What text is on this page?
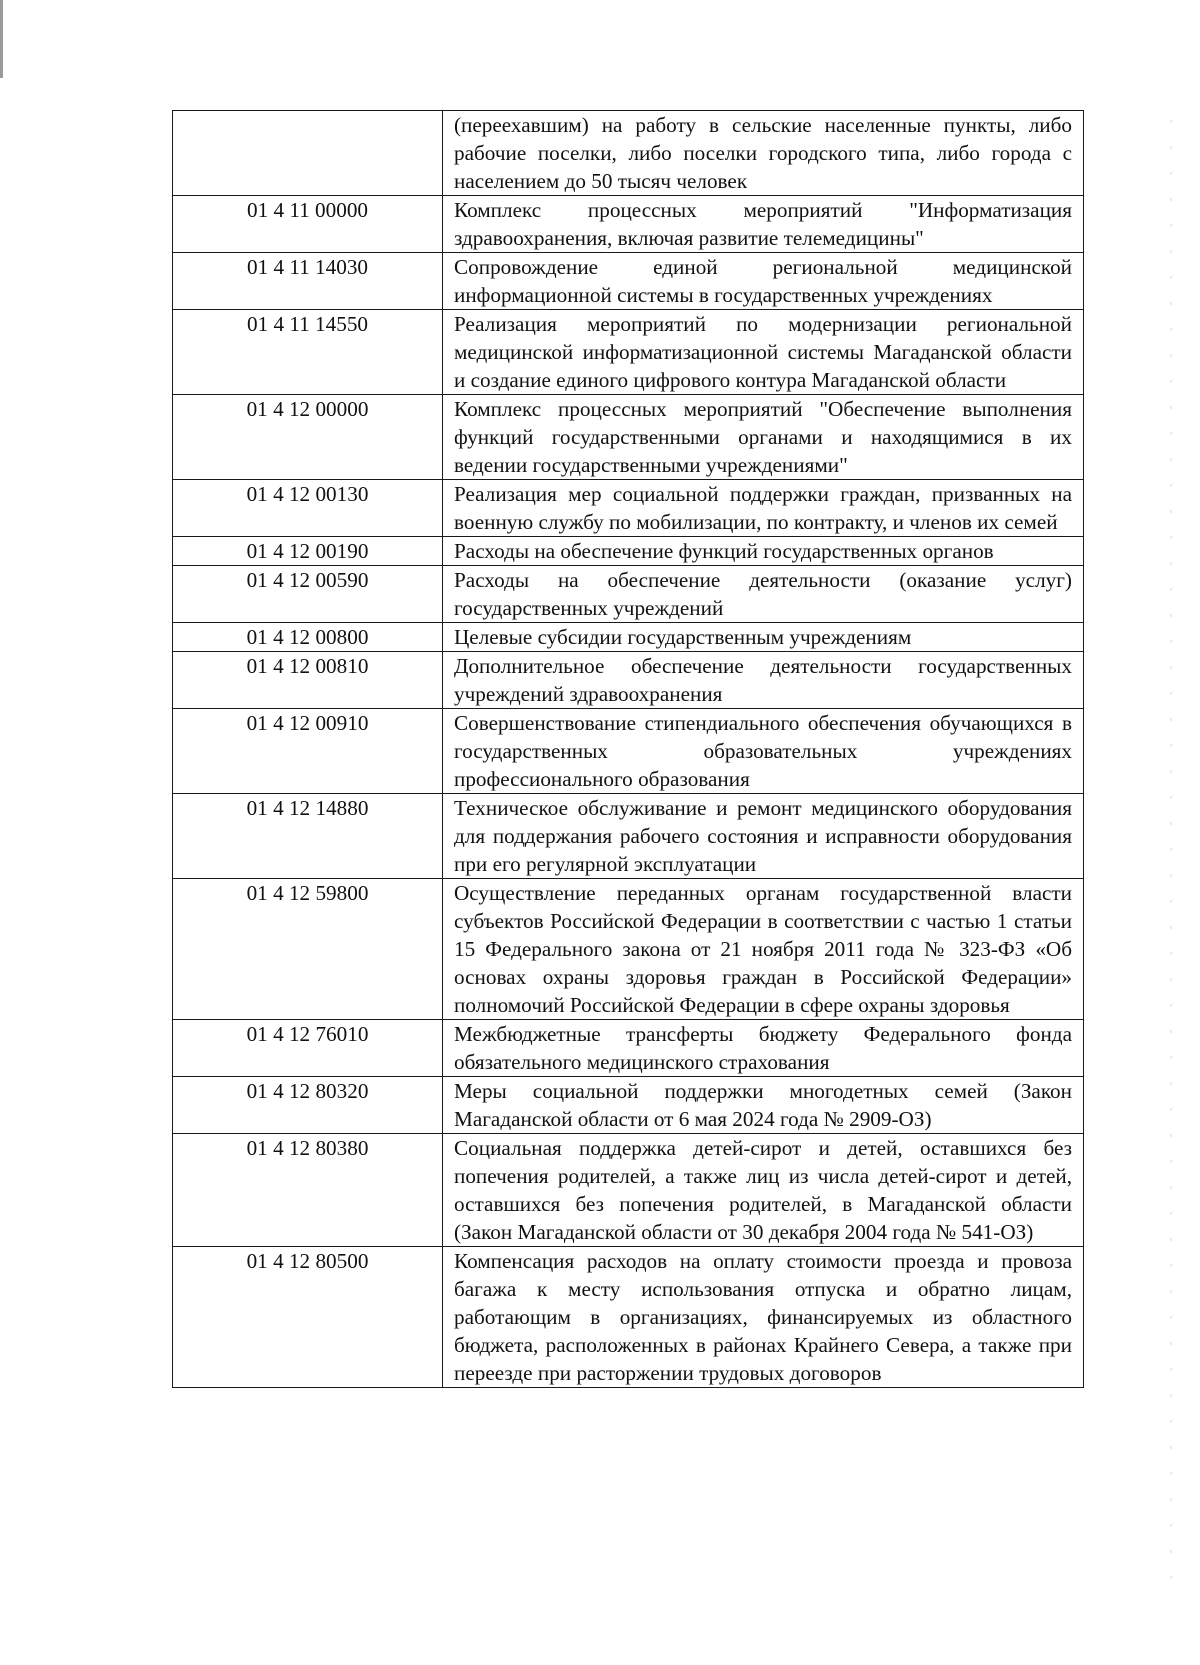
	(переехавшим) на работу в сельские населенные пункты, либо рабочие поселки, либо поселки городского типа, либо города с населением до 50 тысяч человек
01 4 11 00000	Комплекс процессных мероприятий "Информатизация здравоохранения, включая развитие телемедицины"
01 4 11 14030	Сопровождение единой региональной медицинской информационной системы в государственных учреждениях
01 4 11 14550	Реализация мероприятий по модернизации региональной медицинской информатизационной системы Магаданской области и создание единого цифрового контура Магаданской области
01 4 12 00000	Комплекс процессных мероприятий "Обеспечение выполнения функций государственными органами и находящимися в их ведении государственными учреждениями"
01 4 12 00130	Реализация мер социальной поддержки граждан, призванных на военную службу по мобилизации, по контракту, и членов их семей
01 4 12 00190	Расходы на обеспечение функций государственных органов
01 4 12 00590	Расходы на обеспечение деятельности (оказание услуг) государственных учреждений
01 4 12 00800	Целевые субсидии государственным учреждениям
01 4 12 00810	Дополнительное обеспечение деятельности государственных учреждений здравоохранения
01 4 12 00910	Совершенствование стипендиального обеспечения обучающихся в государственных образовательных учреждениях профессионального образования
01 4 12 14880	Техническое обслуживание и ремонт медицинского оборудования для поддержания рабочего состояния и исправности оборудования при его регулярной эксплуатации
01 4 12 59800	Осуществление переданных органам государственной власти субъектов Российской Федерации в соответствии с частью 1 статьи 15 Федерального закона от 21 ноября 2011 года № 323-ФЗ «Об основах охраны здоровья граждан в Российской Федерации» полномочий Российской Федерации в сфере охраны здоровья
01 4 12 76010	Межбюджетные трансферты бюджету Федерального фонда обязательного медицинского страхования
01 4 12 80320	Меры социальной поддержки многодетных семей (Закон Магаданской области от 6 мая 2024 года № 2909-ОЗ)
01 4 12 80380	Социальная поддержка детей-сирот и детей, оставшихся без попечения родителей, а также лиц из числа детей-сирот и детей, оставшихся без попечения родителей, в Магаданской области (Закон Магаданской области от 30 декабря 2004 года № 541-ОЗ)
01 4 12 80500	Компенсация расходов на оплату стоимости проезда и провоза багажа к месту использования отпуска и обратно лицам, работающим в организациях, финансируемых из областного бюджета, расположенных в районах Крайнего Севера, а также при переезде при расторжении трудовых договоров
